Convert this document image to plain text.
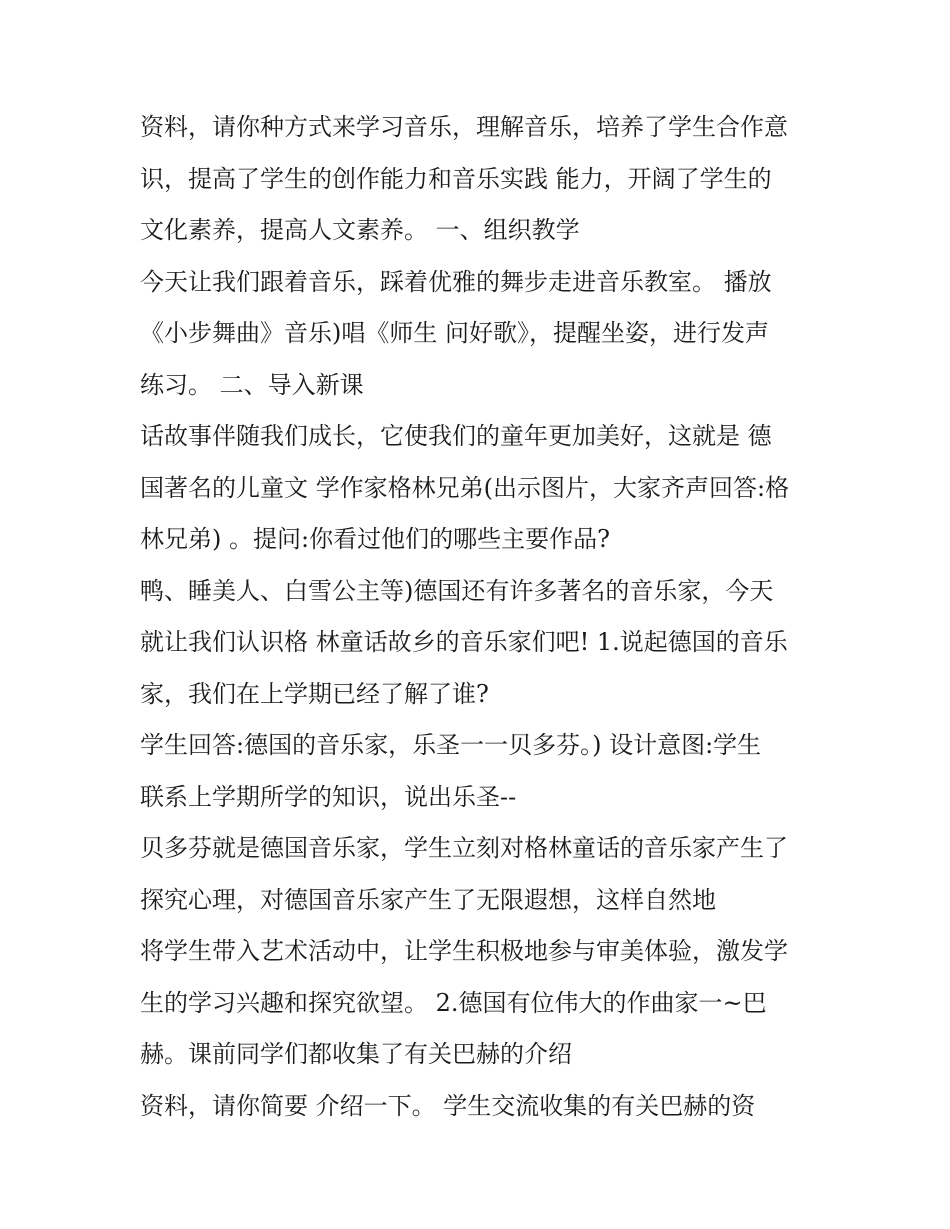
资料，请你种方式来学习音乐，理解音乐，培养了学生合作意
识，提高了学生的创作能力和音乐实践 能力，开阔了学生的
文化素养，提高人文素养。 一、组织教学
今天让我们跟着音乐，踩着优雅的舞步走进音乐教室。 播放
《小步舞曲》音乐)唱《师生 问好歌》，提醒坐姿，进行发声
练习。 二、导入新课
话故事伴随我们成长，它使我们的童年更加美好，这就是 德
国著名的儿童文 学作家格林兄弟(出示图片，大家齐声回答:格
林兄弟) 。提问:你看过他们的哪些主要作品?
鸭、睡美人、白雪公主等)德国还有许多著名的音乐家，今天
就让我们认识格 林童话故乡的音乐家们吧! 1.说起德国的音乐
家，我们在上学期已经了解了谁?
学生回答:德国的音乐家，乐圣一一贝多芬。) 设计意图:学生
联系上学期所学的知识，说出乐圣--
贝多芬就是德国音乐家，学生立刻对格林童话的音乐家产生了
探究心理，对德国音乐家产生了无限遐想，这样自然地
将学生带入艺术活动中，让学生积极地参与审美体验，激发学
生的学习兴趣和探究欲望。 2.德国有位伟大的作曲家一~巴
赫。课前同学们都收集了有关巴赫的介绍
资料，请你简要 介绍一下。 学生交流收集的有关巴赫的资
